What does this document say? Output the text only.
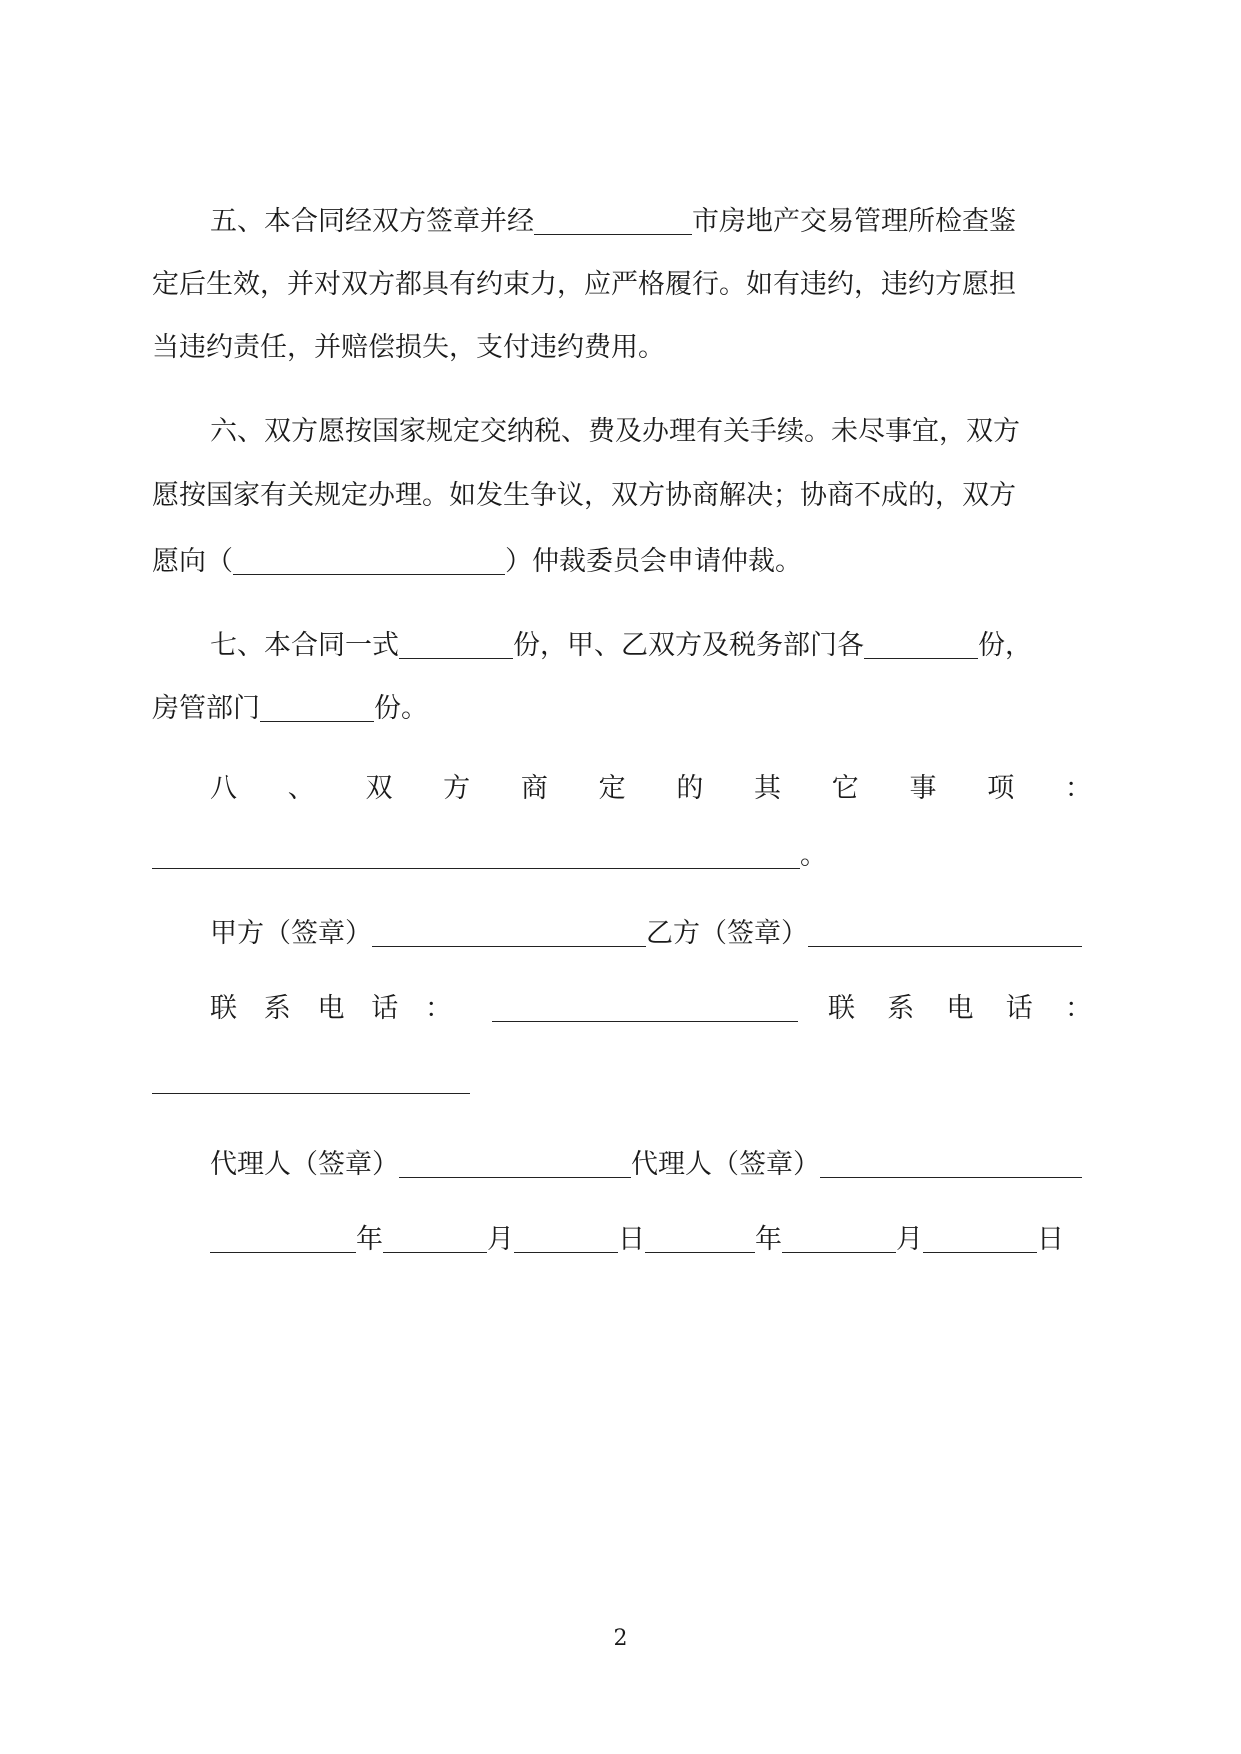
五、本合同经双方签章并经	市房地产交易管理所检查鉴
定后生效，并对双方都具有约束力，应严格履行。如有违约，违约方愿担
当违约责任，并赔偿损失，支付违约费用。
六、双方愿按国家规定交纳税、费及办理有关手续。未尽事宜，双方
愿按国家有关规定办理。如发生争议，双方协商解决；协商不成的，双方
愿向（	）仲裁委员会申请仲裁。
七、本合同一式	份，甲、乙双方及税务部门各	份，
房管部门	份。
八 、 双 方 商 定 的 其 它 事 项 ：
。
甲方（签章）	乙方（签章）
联 系 电 话 ：	联 系 电 话 ：
代理人（签章）	代理人（签章）
年	月	日	年	月	日
2
